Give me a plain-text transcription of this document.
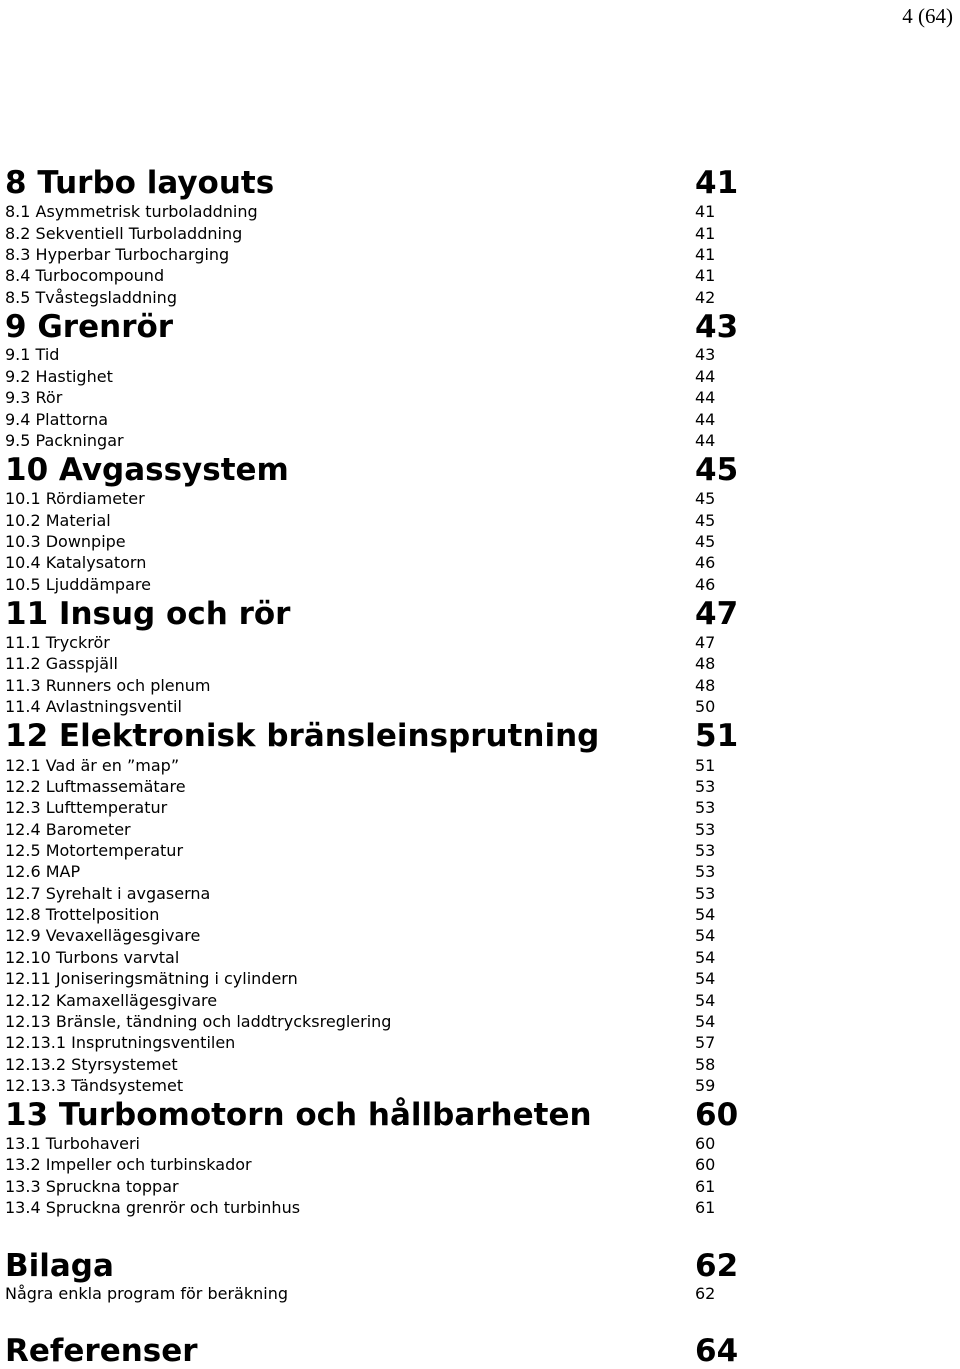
4 (64)
8 Turbo layouts	41
8.1 Asymmetrisk turboladdning	41
8.2 Sekventiell Turboladdning	41
8.3 Hyperbar Turbocharging	41
8.4 Turbocompound	41
8.5 Tvåstegsladdning	42
9 Grenrör	43
9.1 Tid	43
9.2 Hastighet	44
9.3 Rör	44
9.4 Plattorna	44
9.5 Packningar	44
10 Avgassystem	45
10.1 Rördiameter	45
10.2 Material	45
10.3 Downpipe	45
10.4 Katalysatorn	46
10.5 Ljuddämpare	46
11 Insug och rör	47
11.1 Tryckrör	47
11.2 Gasspjäll	48
11.3 Runners och plenum	48
11.4 Avlastningsventil	50
12 Elektronisk bränsleinsprutning	51
12.1 Vad är en ”map”	51
12.2 Luftmassemätare	53
12.3 Lufttemperatur	53
12.4 Barometer	53
12.5 Motortemperatur	53
12.6 MAP	53
12.7 Syrehalt i avgaserna	53
12.8 Trottelposition	54
12.9 Vevaxellägesgivare	54
12.10 Turbons varvtal	54
12.11 Joniseringsmätning i cylindern	54
12.12 Kamaxellägesgivare	54
12.13 Bränsle, tändning och laddtrycksreglering	54
12.13.1 Insprutningsventilen	57
12.13.2 Styrsystemet	58
12.13.3 Tändsystemet	59
13 Turbomotorn och hållbarheten	60
13.1 Turbohaveri	60
13.2 Impeller och turbinskador	60
13.3 Spruckna toppar	61
13.4 Spruckna grenrör och turbinhus	61
Bilaga	62
Några enkla program för beräkning	62
Referenser	64
